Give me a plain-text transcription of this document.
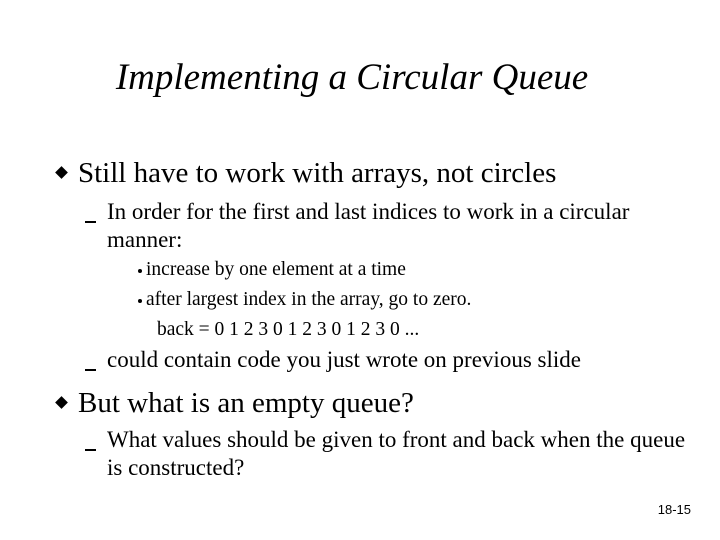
Implementing a Circular Queue
Still have to work with arrays, not circles
In order for the first and last indices to work in a circular manner:
increase by one element at a time
after largest index in the array, go to zero.
back = 0 1 2 3 0 1 2 3 0 1 2 3 0 ...
could contain code you just wrote on previous slide
But what is an empty queue?
What values should be given to front and back when the queue is constructed?
18-15
